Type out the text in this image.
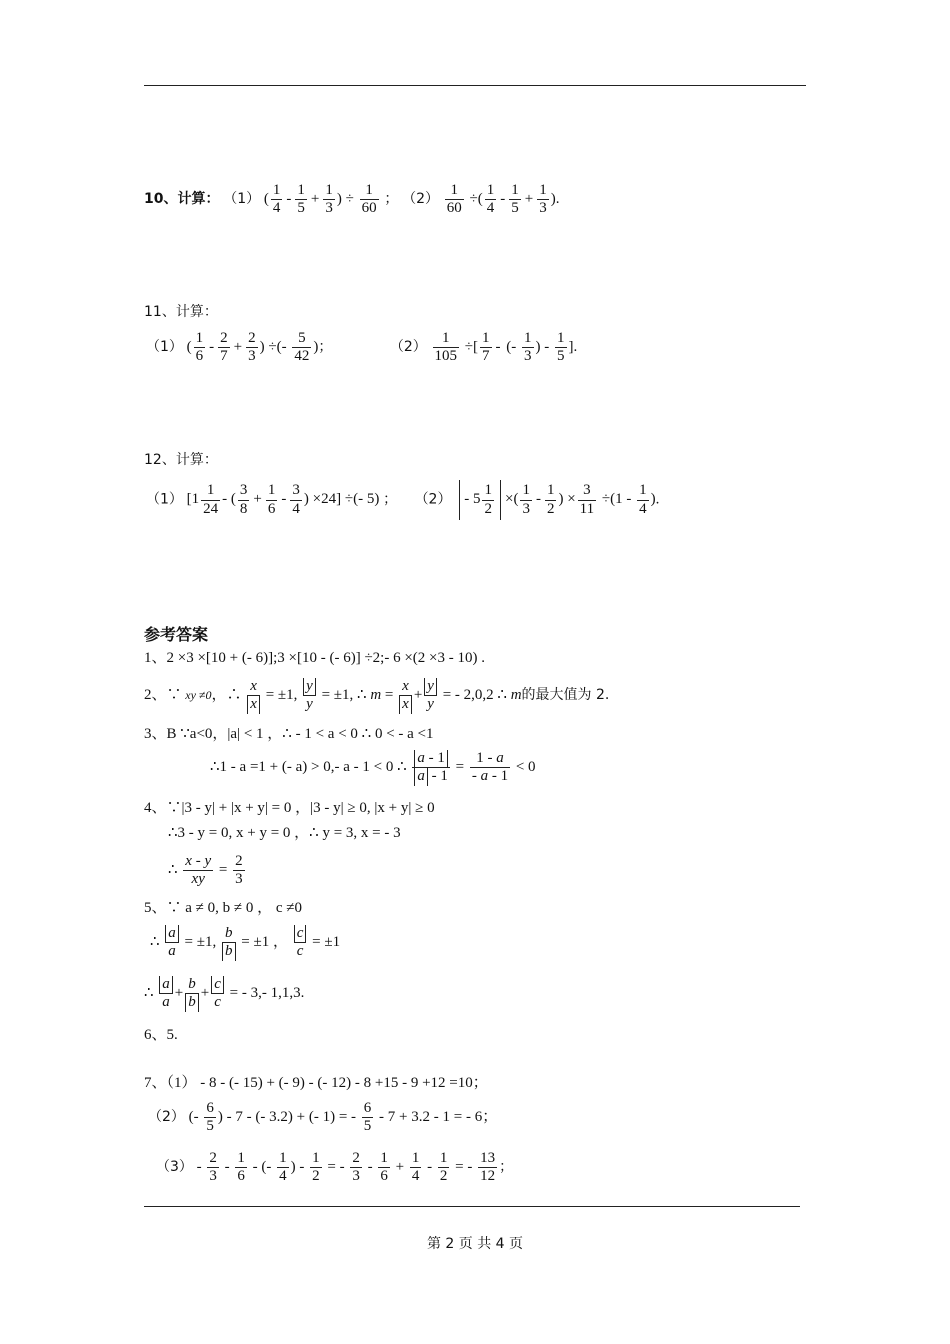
10、计算： （1） ( $\frac{1}{4} - \frac{1}{5} + \frac{1}{3}$ ) ÷ $\frac{1}{60}$ ； $(2) \frac{1}{60}$ ÷( $\frac{1}{4} - \frac{1}{5} + \frac{1}{3}$ ).
11、计算：
（1） ( $\frac{1}{6} - \frac{2}{7} + \frac{2}{3}$ ) ÷(- $\frac{5}{42}$ )；	$(2) \frac{1}{105}$ ÷[ $\frac{1}{7}$ - (- $\frac{1}{3}$ ) - $\frac{1}{5}$ ].
12、计算：
（1） [$1 \frac{1}{24}$ - ( $\frac{3}{8} + \frac{1}{6} - \frac{3}{4}$ ) ×24] ÷(- 5) ； $(2) - 5 \frac{1}{2}$ ×( $\frac{1}{3} - \frac{1}{2}$ ) × $\frac{3}{11} \div(1 - \frac{1}{4}$ ).
参考答案
1、2 ×3 ×[10 + (- 6)];3 ×[10 - (- 6)] ÷2;- 6 ×(2 ×3 - 10) .
2、∵ xy ≠0，∴ $\frac{x}{x} = \pm 1$, $\frac{y}{y} = \pm 1$, ∴ $m = \frac{x}{x} + \frac{y}{y}$ = - 2,0,2 ∴ m的最大值为 2.
3、B ∵a<0，|a| < 1 ，∴ - 1 < a < 0 ∴ 0 < - a <1
∴1 - a =1 + (- a) > 0,- a - 1 < 0 ∴ $\frac{a - 1}{a - 1} = \frac{1 - a}{- a - 1} < 0$
4、∵|3 - y| + |x + y| = 0 ，|3 - y| ≥ 0, |x + y| ≥ 0
∴3 - y = 0, x + y = 0 ，∴ y = 3, x = - 3
∴ $\frac{x - y}{xy} = \frac{2}{3}$
5、∵ a ≠ 0, b ≠ 0 ， c ≠0
∴ $\frac{a}{a} = \pm 1$, $\frac{b}{b} = \pm 1$ ， $\frac{c}{c} = \pm 1$
∴ $\frac{a}{a} + \frac{b}{b} + \frac{c}{c}$ = - 3,- 1,1,3.
6、5.
7、（1） - 8 - (- 15) + (- 9) - (- 12) - 8 +15 - 9 +12 =10；
（2） (- $\frac{6}{5}$ ) - 7 - (- 3.2) + (- 1) = - $\frac{6}{5} - 7 + 3.2 - 1$ = - 6；
$(3) - \frac{2}{3} - \frac{1}{6}$ - (- $\frac{1}{4}$ ) - $\frac{1}{2}$ = - $\frac{2}{3} - \frac{1}{6} + \frac{1}{4} - \frac{1}{2}$ = - $\frac{13}{12}$ ；
第 2 页 共 4 页
